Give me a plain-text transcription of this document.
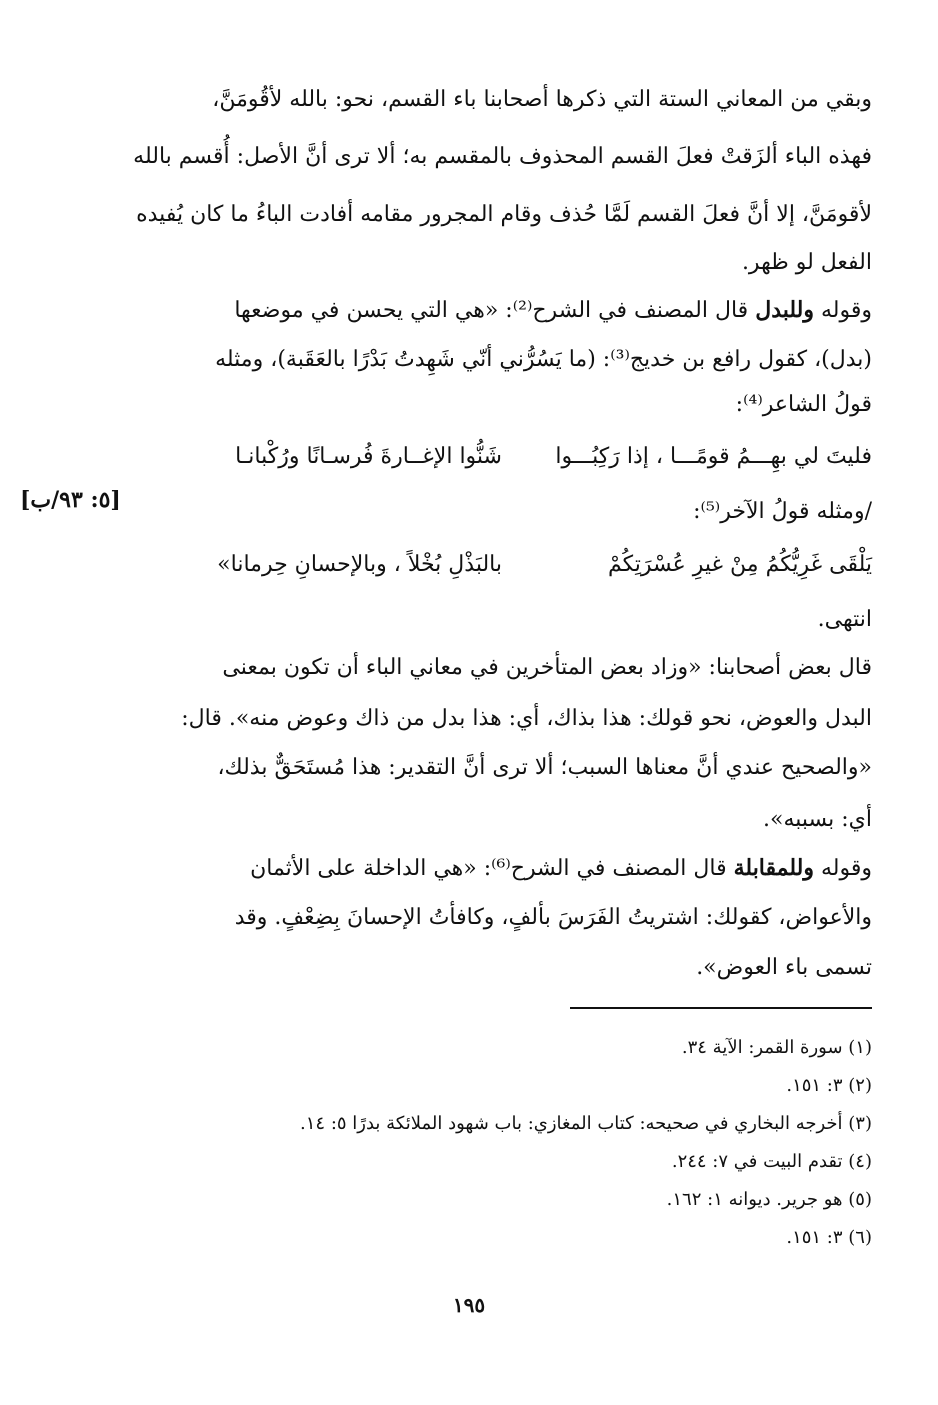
وبقي من المعاني الستة التي ذكرها أصحابنا باء القسم، نحو: بالله لأقُومَنَّ،
فهذه الباء ألزَقتْ فعلَ القسم المحذوف بالمقسم به؛ ألا ترى أنَّ الأصل: أُقسم بالله
لأقومَنَّ، إلا أنَّ فعلَ القسم لَمَّا حُذف وقام المجرور مقامه أفادت الباءُ ما كان يُفيده
الفعل لو ظهر.
وقوله وللبدل قال المصنف في الشرح⁽²⁾: «هي التي يحسن في موضعها
(بدل)، كقول رافع بن خديج⁽³⁾: (ما يَسُرُّني أنّي شَهِدتُ بَدْرًا بالعَقَبة)، ومثله
قولُ الشاعر⁽⁴⁾:
فليتَ لي بهِـــمُ قومًـــا ، إذا رَكِبُـــوا
شَنُّوا الإغــارةَ فُرسـانًا ورُكْبانـا
/ومثله قولُ الآخر⁽⁵⁾:
يَلْقَى غَرِيُّكُمُ مِنْ غيرِ عُسْرَتِكُمْ
بالبَذْلِ بُخْلاً ، وبالإحسانِ حِرمانا»
انتهى.
قال بعض أصحابنا: «وزاد بعض المتأخرين في معاني الباء أن تكون بمعنى
البدل والعوض، نحو قولك: هذا بذاك، أي: هذا بدل من ذاك وعوض منه». قال:
«والصحيح عندي أنَّ معناها السبب؛ ألا ترى أنَّ التقدير: هذا مُستَحَقٌّ بذلك،
أي: بسببه».
وقوله وللمقابلة قال المصنف في الشرح⁽⁶⁾: «هي الداخلة على الأثمان
والأعواض، كقولك: اشتريتُ الفَرَسَ بألفٍ، وكافأتُ الإحسانَ بِضِعْفٍ. وقد
تسمى باء العوض».
[٥: ٩٣/ب]
(١) سورة القمر: الآية ٣٤.
(٢) ٣: ١٥١.
(٣) أخرجه البخاري في صحيحه: كتاب المغازي: باب شهود الملائكة بدرًا ٥: ١٤.
(٤) تقدم البيت في ٧: ٢٤٤.
(٥) هو جرير. ديوانه ١: ١٦٢.
(٦) ٣: ١٥١.
١٩٥
